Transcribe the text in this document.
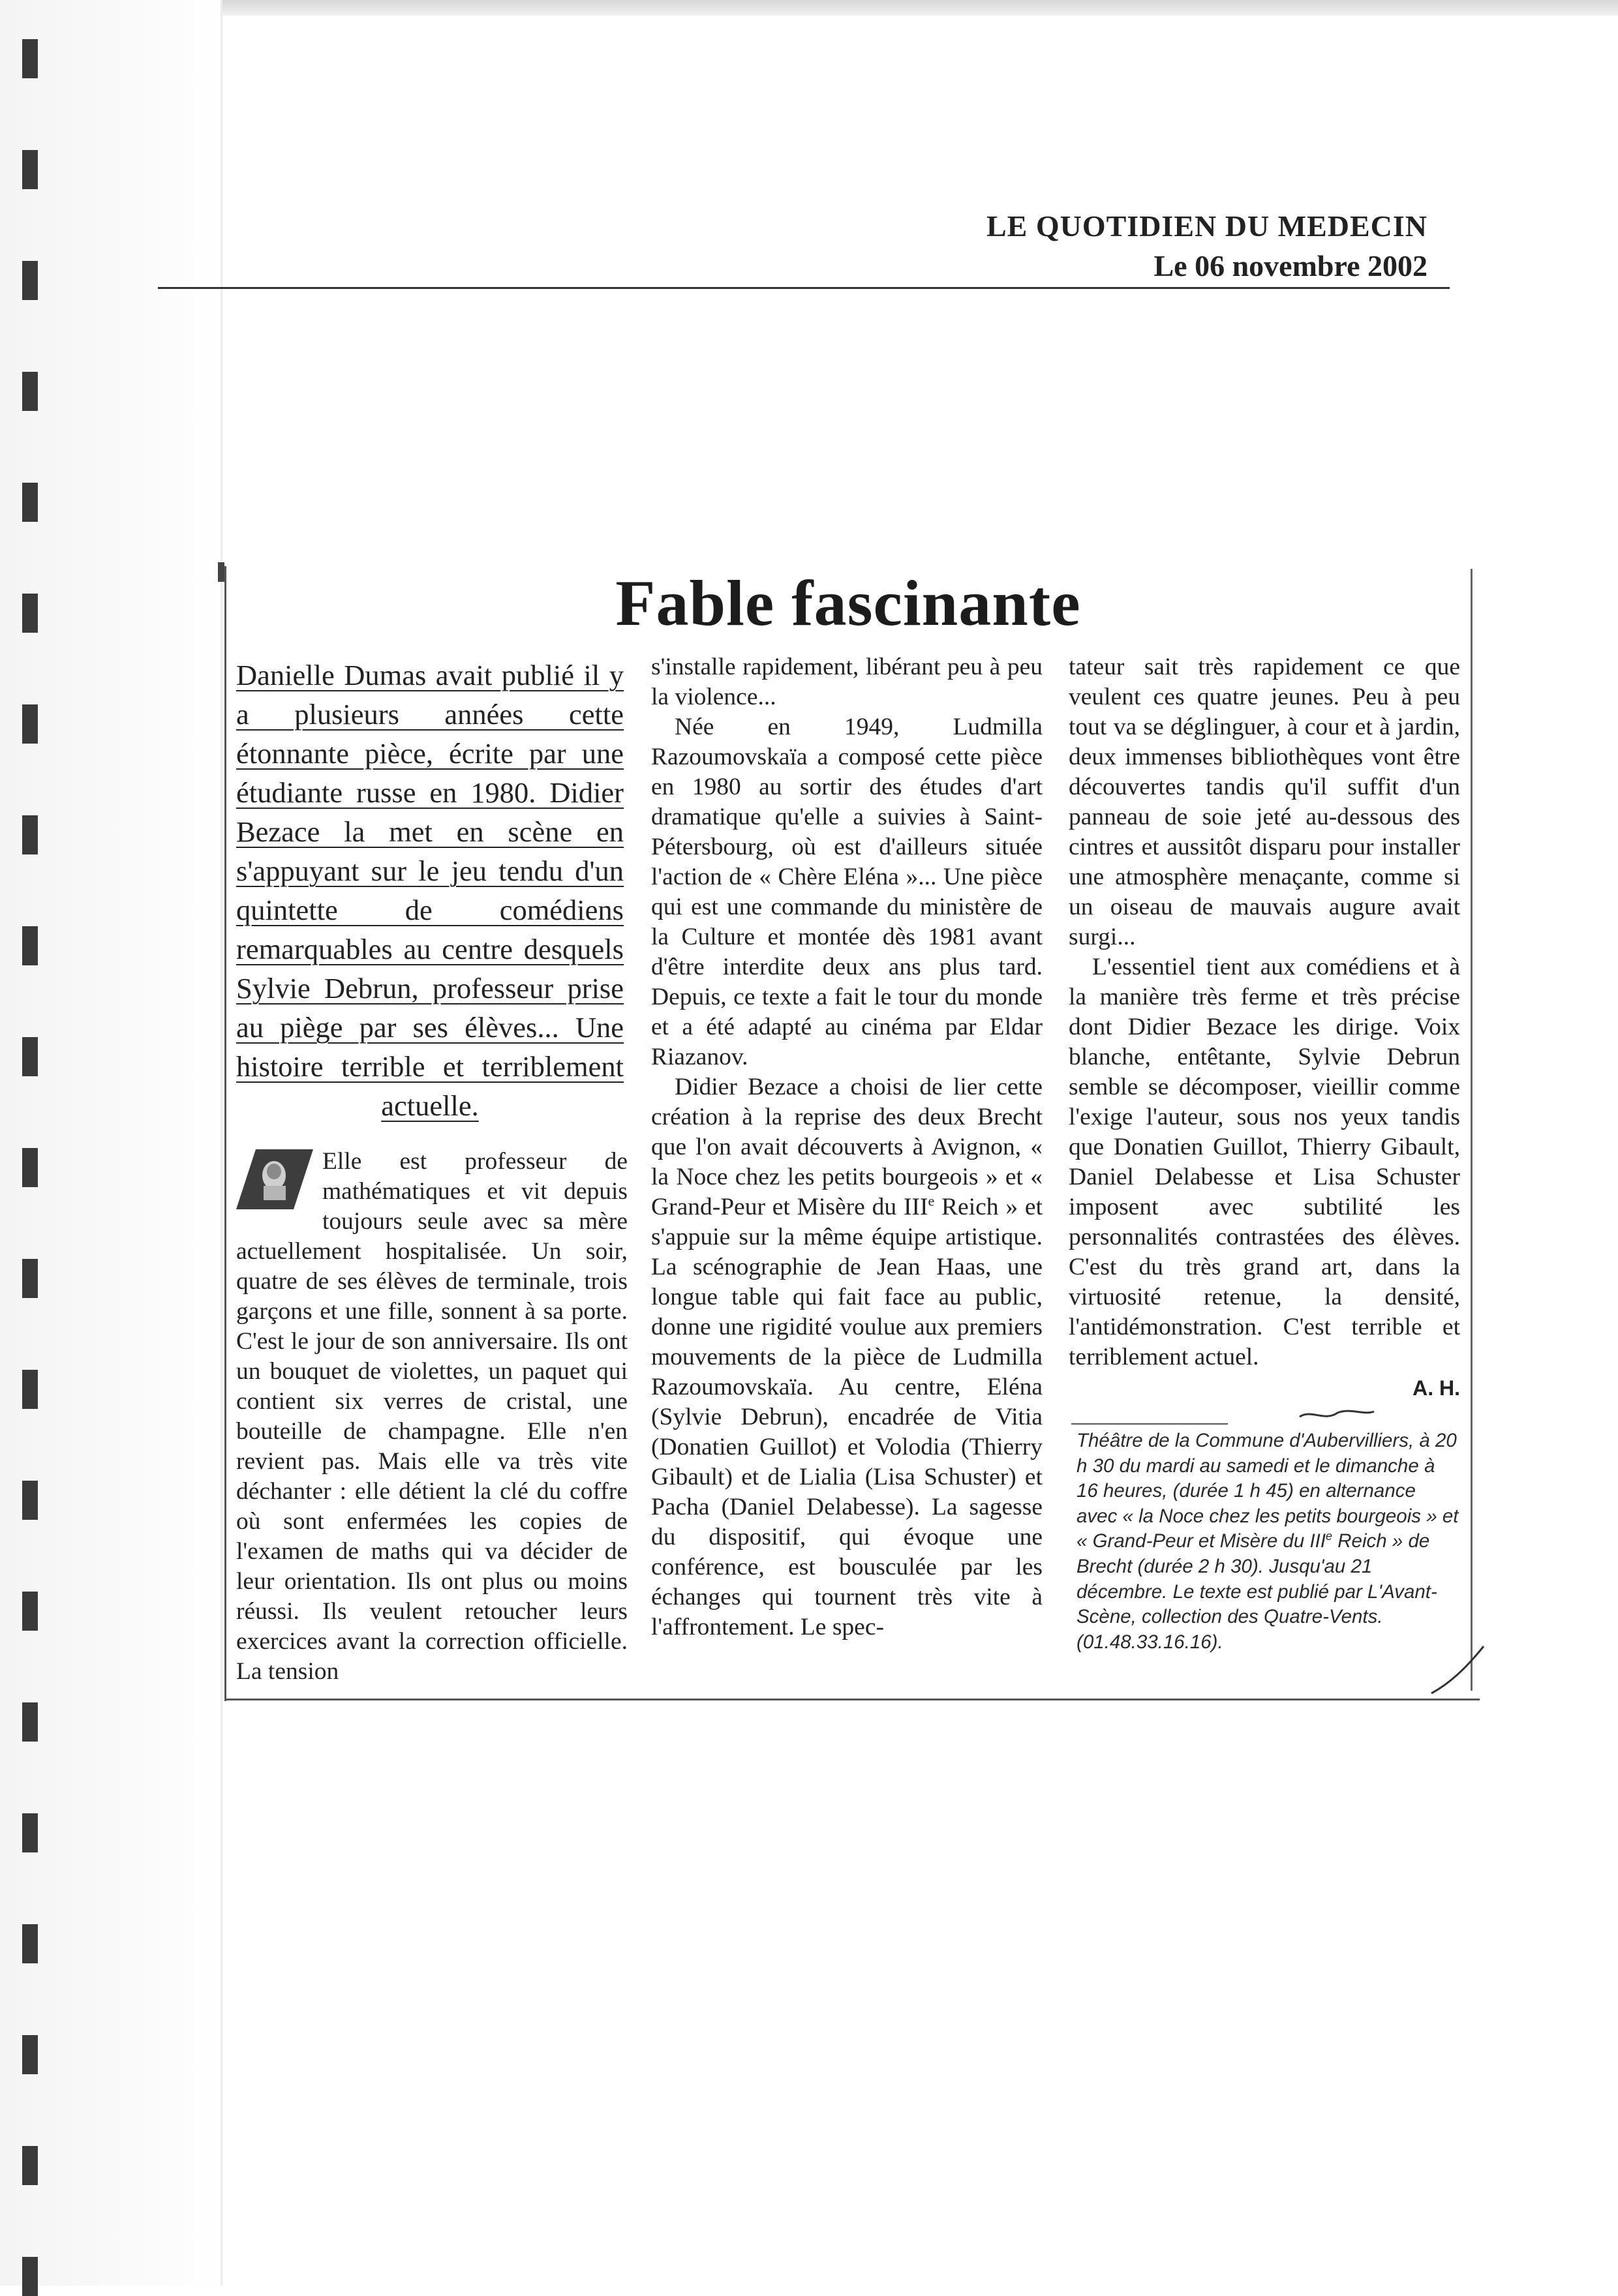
LE QUOTIDIEN DU MEDECIN
Le 06 novembre 2002
Fable fascinante
Danielle Dumas avait publié il y a plusieurs années cette étonnante pièce, écrite par une étudiante russe en 1980. Didier Bezace la met en scène en s'appuyant sur le jeu tendu d'un quintette de comédiens remarquables au centre desquels Sylvie Debrun, professeur prise au piège par ses élèves... Une histoire terrible et terriblement actuelle.

Elle est professeur de mathématiques et vit depuis toujours seule avec sa mère actuellement hospitalisée. Un soir, quatre de ses élèves de terminale, trois garçons et une fille, sonnent à sa porte. C'est le jour de son anniversaire. Ils ont un bouquet de violettes, un paquet qui contient six verres de cristal, une bouteille de champagne. Elle n'en revient pas. Mais elle va très vite déchanter : elle détient la clé du coffre où sont enfermées les copies de l'examen de maths qui va décider de leur orientation. Ils ont plus ou moins réussi. Ils veulent retoucher leurs exercices avant la correction officielle. La tension

s'installe rapidement, libérant peu à peu la violence...

Née en 1949, Ludmilla Razoumovskaïa a composé cette pièce en 1980 au sortir des études d'art dramatique qu'elle a suivies à Saint-Pétersbourg, où est d'ailleurs située l'action de « Chère Eléna »... Une pièce qui est une commande du ministère de la Culture et montée dès 1981 avant d'être interdite deux ans plus tard. Depuis, ce texte a fait le tour du monde et a été adapté au cinéma par Eldar Riazanov.

Didier Bezace a choisi de lier cette création à la reprise des deux Brecht que l'on avait découverts à Avignon, « la Noce chez les petits bourgeois » et « Grand-Peur et Misère du IIIe Reich » et s'appuie sur la même équipe artistique. La scénographie de Jean Haas, une longue table qui fait face au public, donne une rigidité voulue aux premiers mouvements de la pièce de Ludmilla Razoumovskaïa. Au centre, Eléna (Sylvie Debrun), encadrée de Vitia (Donatien Guillot) et Volodia (Thierry Gibault) et de Lialia (Lisa Schuster) et Pacha (Daniel Delabesse). La sagesse du dispositif, qui évoque une conférence, est bousculée par les échanges qui tournent très vite à l'affrontement. Le spec-

tateur sait très rapidement ce que veulent ces quatre jeunes. Peu à peu tout va se déglinguer, à cour et à jardin, deux immenses bibliothèques vont être découvertes tandis qu'il suffit d'un panneau de soie jeté au-dessous des cintres et aussitôt disparu pour installer une atmosphère menaçante, comme si un oiseau de mauvais augure avait surgi...

L'essentiel tient aux comédiens et à la manière très ferme et très précise dont Didier Bezace les dirige. Voix blanche, entêtante, Sylvie Debrun semble se décomposer, vieillir comme l'exige l'auteur, sous nos yeux tandis que Donatien Guillot, Thierry Gibault, Daniel Delabesse et Lisa Schuster imposent avec subtilité les personnalités contrastées des élèves. C'est du très grand art, dans la virtuosité retenue, la densité, l'antidémonstration. C'est terrible et terriblement actuel.

A. H.

Théâtre de la Commune d'Aubervilliers, à 20 h 30 du mardi au samedi et le dimanche à 16 heures, (durée 1 h 45) en alternance avec « la Noce chez les petits bourgeois » et « Grand-Peur et Misère du IIIe Reich » de Brecht (durée 2 h 30). Jusqu'au 21 décembre. Le texte est publié par L'Avant-Scène, collection des Quatre-Vents. (01.48.33.16.16).
